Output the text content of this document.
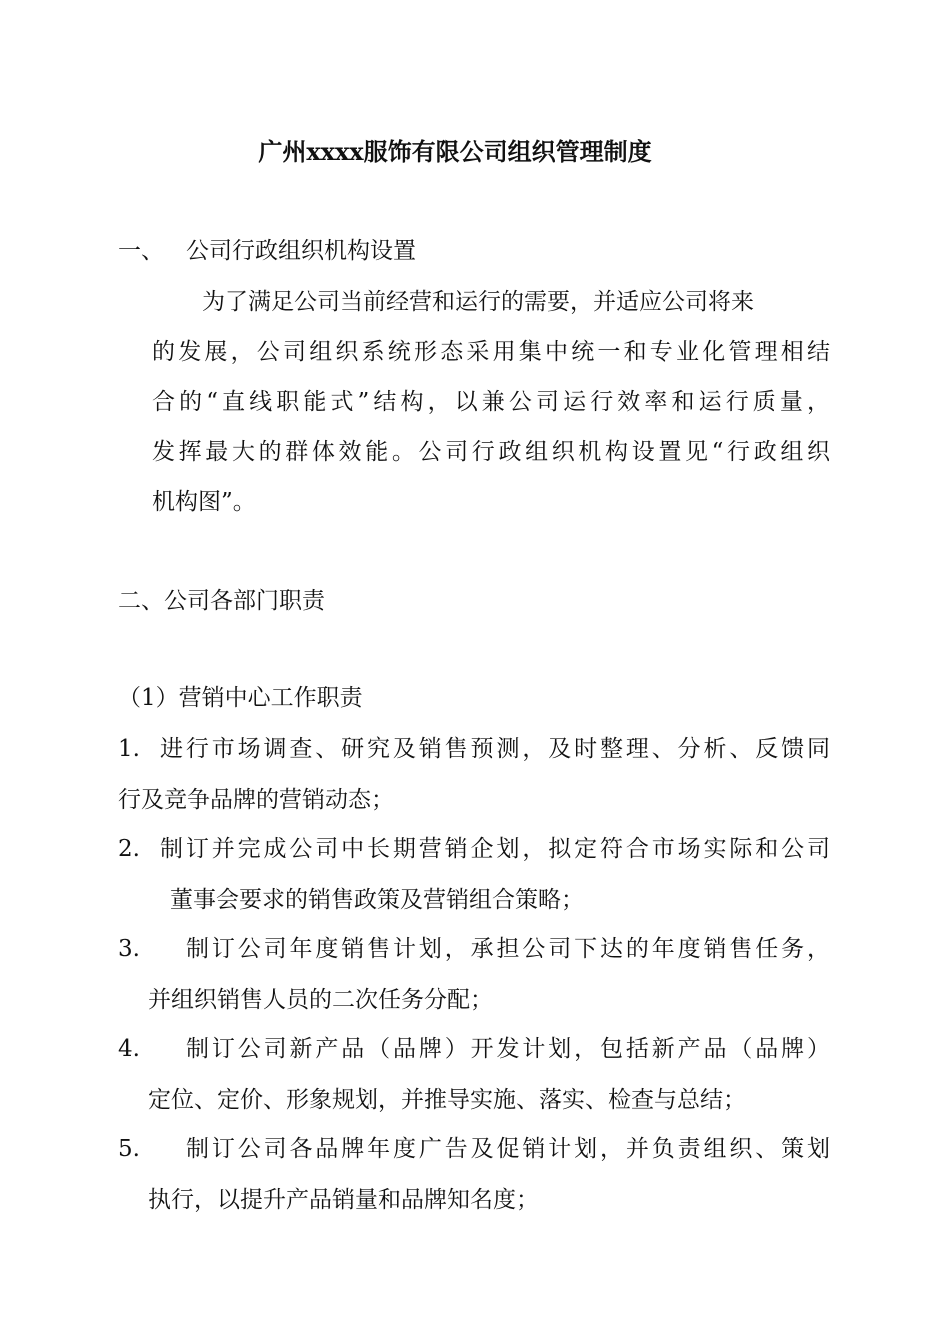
广州xxxx服饰有限公司组织管理制度
一、 公司行政组织机构设置
为了满足公司当前经营和运行的需要，并适应公司将来
的发展，公司组织系统形态采用集中统一和专业化管理相结
合的“直线职能式”结构，以兼公司运行效率和运行质量，
发挥最大的群体效能。公司行政组织机构设置见“行政组织
机构图”。
二、公司各部门职责
（1）营销中心工作职责
1. 进行市场调查、研究及销售预测，及时整理、分析、反馈同
行及竞争品牌的营销动态；
2. 制订并完成公司中长期营销企划，拟定符合市场实际和公司
董事会要求的销售政策及营销组合策略；
3. 制订公司年度销售计划，承担公司下达的年度销售任务，
并组织销售人员的二次任务分配；
4. 制订公司新产品（品牌）开发计划，包括新产品（品牌）
定位、定价、形象规划，并推导实施、落实、检查与总结；
5. 制订公司各品牌年度广告及促销计划，并负责组织、策划
执行，以提升产品销量和品牌知名度；
